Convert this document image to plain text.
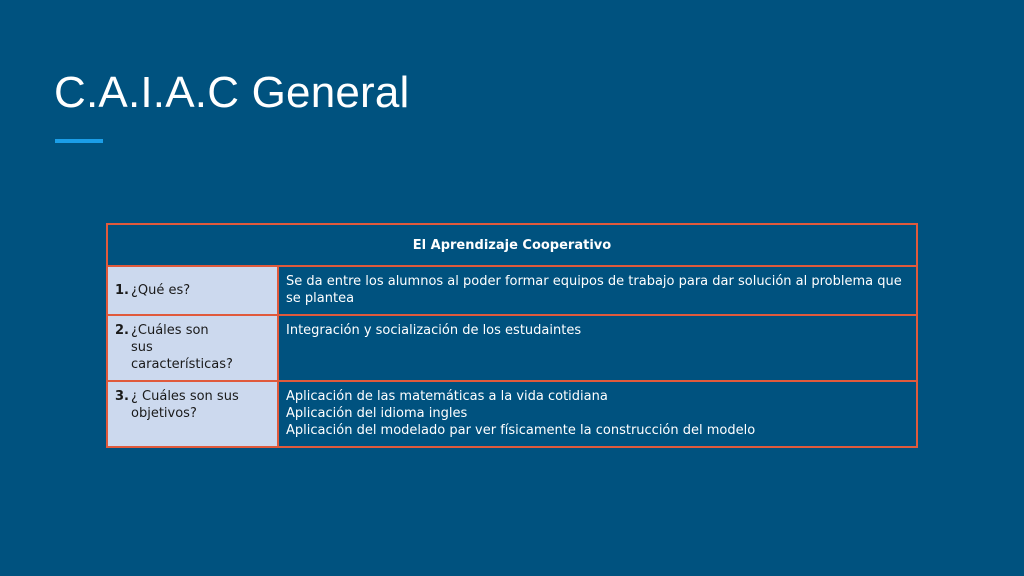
C.A.I.A.C General
El Aprendizaje Cooperativo	

1. ¿Qué es?	Se da entre los alumnos al poder formar equipos de trabajo para dar solución al problema que se plantea

2. ¿Cuáles son sus características?	Integración y socialización de los estudaintes

3. ¿ Cuáles son sus objetivos?	Aplicación de las matemáticas a la vida cotidiana
Aplicación del idioma ingles
Aplicación del modelado par ver físicamente la construcción del modelo
